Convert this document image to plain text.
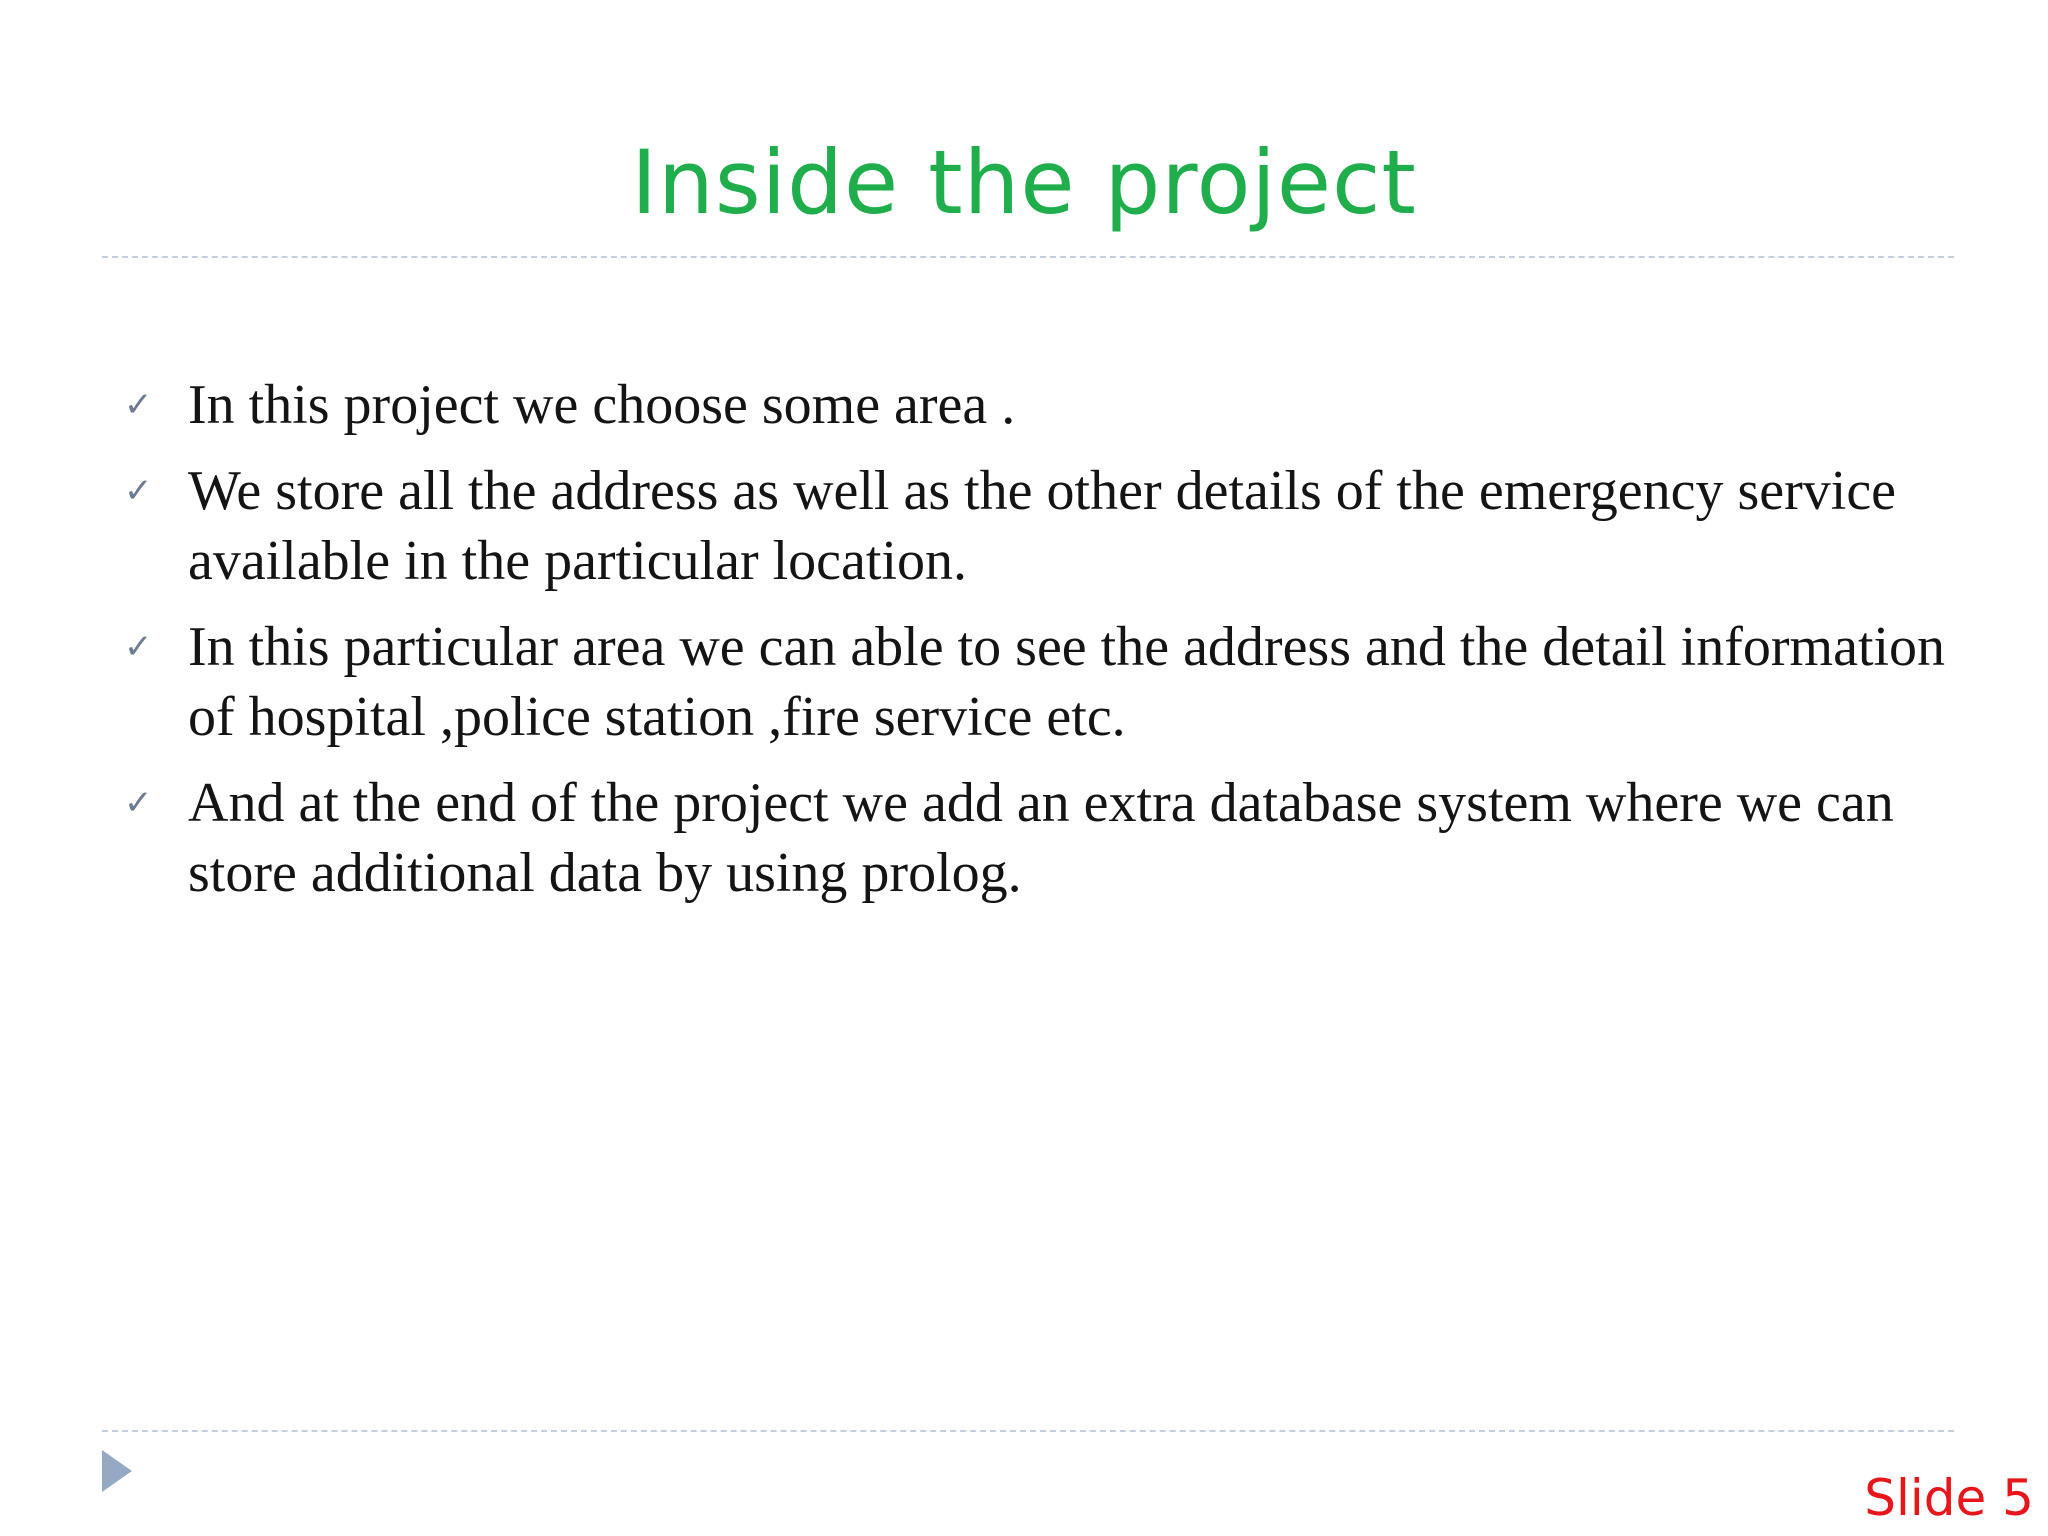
Inside the project
✓ In this project we choose some area .
✓ We store all the address as well as the other details of the emergency service available in the particular location.
✓ In this particular area we can able to see the address and the detail information of hospital ,police station ,fire service etc.
✓ And at the end of the project we add an extra database system where we can store additional data by using prolog.
Slide 5
